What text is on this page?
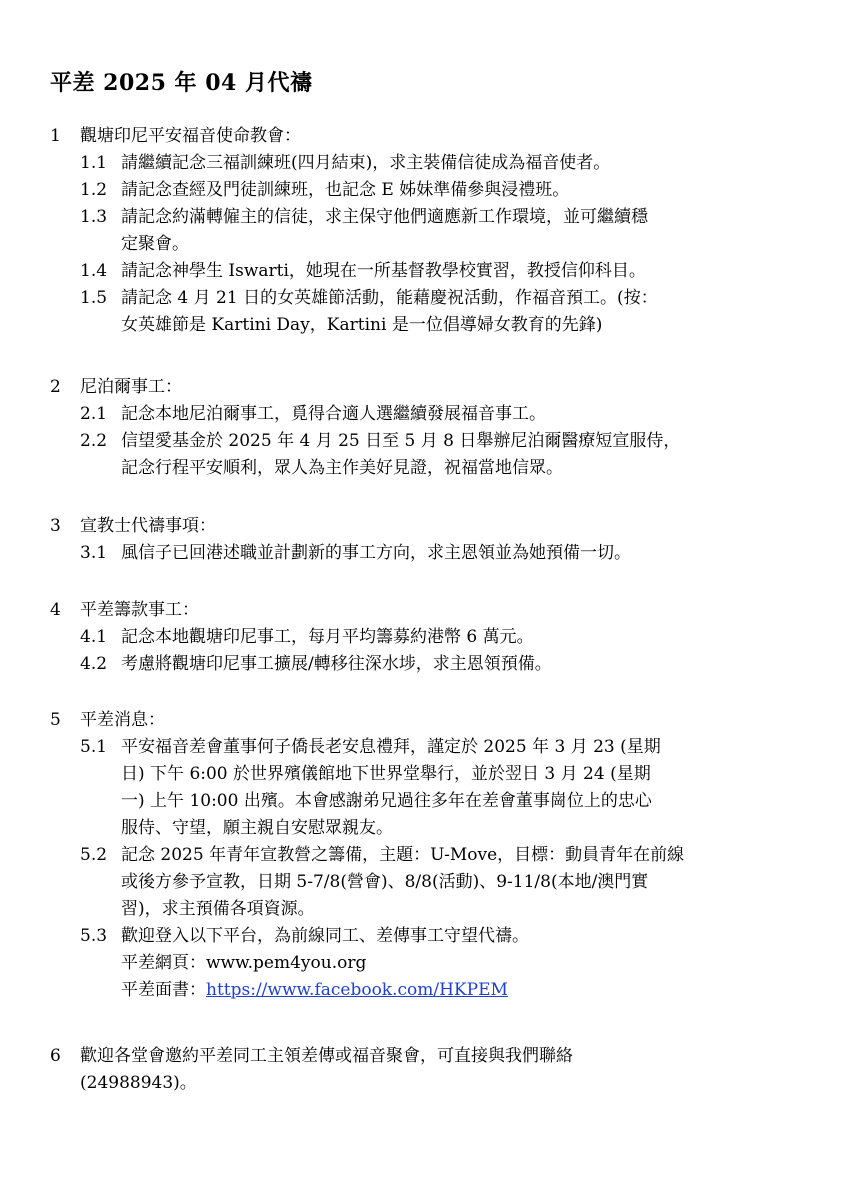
平差 2025 年 04 月代禱
1	觀塘印尼平安福音使命教會：
1.1 請繼續記念三福訓練班(四月結束)，求主裝備信徒成為福音使者。
1.2 請記念查經及門徒訓練班，也記念 E 姊妹準備參與浸禮班。
1.3 請記念約滿轉僱主的信徒，求主保守他們適應新工作環境，並可繼續穩
定聚會。
1.4 請記念神學生 Iswarti，她現在一所基督教學校實習，教授信仰科目。
1.5 請記念 4 月 21 日的女英雄節活動，能藉慶祝活動，作福音預工。(按：
女英雄節是 Kartini Day，Kartini 是一位倡導婦女教育的先鋒)
2	尼泊爾事工：
2.1 記念本地尼泊爾事工，覓得合適人選繼續發展福音事工。
2.2 信望愛基金於 2025 年 4 月 25 日至 5 月 8 日舉辦尼泊爾醫療短宣服侍，
記念行程平安順利，眾人為主作美好見證，祝福當地信眾。
3	宣教士代禱事項：
3.1 風信子已回港述職並計劃新的事工方向，求主恩領並為她預備一切。
4	平差籌款事工：
4.1 記念本地觀塘印尼事工，每月平均籌募約港幣 6 萬元。
4.2 考慮將觀塘印尼事工擴展/轉移往深水埗，求主恩領預備。
5	平差消息：
5.1 平安福音差會董事何子僑長老安息禮拜，謹定於 2025 年 3 月 23 (星期
日) 下午 6:00 於世界殯儀館地下世界堂舉行，並於翌日 3 月 24 (星期
一) 上午 10:00 出殯。本會感謝弟兄過往多年在差會董事崗位上的忠心
服侍、守望，願主親自安慰眾親友。
5.2 記念 2025 年青年宣教營之籌備，主題：U-Move，目標：動員青年在前線
或後方參予宣教，日期 5-7/8(營會)、8/8(活動)、9-11/8(本地/澳門實
習)，求主預備各項資源。
5.3 歡迎登入以下平台，為前線同工、差傳事工守望代禱。
平差網頁：www.pem4you.org
平差面書：https://www.facebook.com/HKPEM
6	歡迎各堂會邀約平差同工主領差傳或福音聚會，可直接與我們聯絡
(24988943)。
